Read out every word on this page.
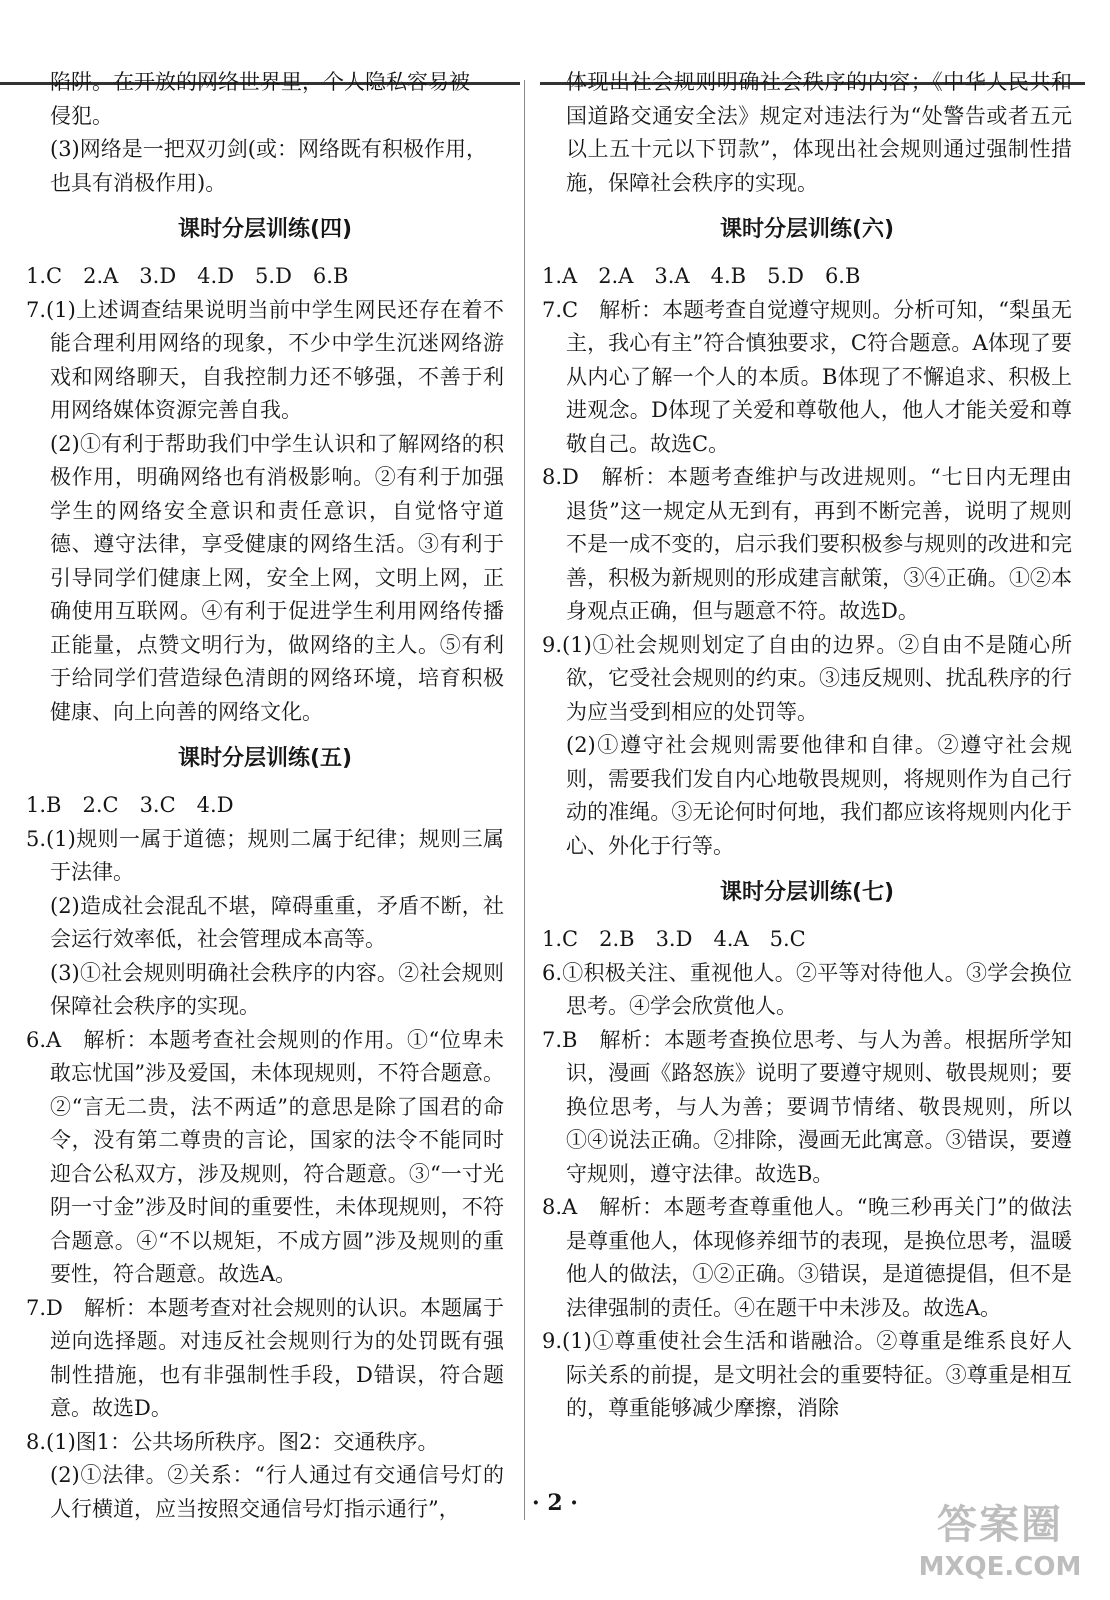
陷阱。在开放的网络世界里，个人隐私容易被
侵犯。
(3)网络是一把双刃剑(或：网络既有积极作用，
也具有消极作用)。
课时分层训练(四)
1.C　2.A　3.D　4.D　5.D　6.B
7.(1)上述调查结果说明当前中学生网民还存在着不能合理利用网络的现象，不少中学生沉迷网络游戏和网络聊天，自我控制力还不够强，不善于利用网络媒体资源完善自我。
(2)①有利于帮助我们中学生认识和了解网络的积极作用，明确网络也有消极影响。②有利于加强学生的网络安全意识和责任意识，自觉恪守道德、遵守法律，享受健康的网络生活。③有利于引导同学们健康上网，安全上网，文明上网，正确使用互联网。④有利于促进学生利用网络传播正能量，点赞文明行为，做网络的主人。⑤有利于给同学们营造绿色清朗的网络环境，培育积极健康、向上向善的网络文化。
课时分层训练(五)
1.B　2.C　3.C　4.D
5.(1)规则一属于道德；规则二属于纪律；规则三属于法律。
(2)造成社会混乱不堪，障碍重重，矛盾不断，社会运行效率低，社会管理成本高等。
(3)①社会规则明确社会秩序的内容。②社会规则保障社会秩序的实现。
6.A　解析：本题考查社会规则的作用。①“位卑未敢忘忧国”涉及爱国，未体现规则，不符合题意。②“言无二贵，法不两适”的意思是除了国君的命令，没有第二尊贵的言论，国家的法令不能同时迎合公私双方，涉及规则，符合题意。③“一寸光阴一寸金”涉及时间的重要性，未体现规则，不符合题意。④“不以规矩，不成方圆”涉及规则的重要性，符合题意。故选A。
7.D　解析：本题考查对社会规则的认识。本题属于逆向选择题。对违反社会规则行为的处罚既有强制性措施，也有非强制性手段，D错误，符合题意。故选D。
8.(1)图1：公共场所秩序。图2：交通秩序。
(2)①法律。②关系：“行人通过有交通信号灯的人行横道，应当按照交通信号灯指示通行”，
体现出社会规则明确社会秩序的内容；《中华人民共和国道路交通安全法》规定对违法行为“处警告或者五元以上五十元以下罚款”，体现出社会规则通过强制性措施，保障社会秩序的实现。
课时分层训练(六)
1.A　2.A　3.A　4.B　5.D　6.B
7.C　解析：本题考查自觉遵守规则。分析可知，“梨虽无主，我心有主”符合慎独要求，C符合题意。A体现了要从内心了解一个人的本质。B体现了不懈追求、积极上进观念。D体现了关爱和尊敬他人，他人才能关爱和尊敬自己。故选C。
8.D　解析：本题考查维护与改进规则。“七日内无理由退货”这一规定从无到有，再到不断完善，说明了规则不是一成不变的，启示我们要积极参与规则的改进和完善，积极为新规则的形成建言献策，③④正确。①②本身观点正确，但与题意不符。故选D。
9.(1)①社会规则划定了自由的边界。②自由不是随心所欲，它受社会规则的约束。③违反规则、扰乱秩序的行为应当受到相应的处罚等。
(2)①遵守社会规则需要他律和自律。②遵守社会规则，需要我们发自内心地敬畏规则，将规则作为自己行动的准绳。③无论何时何地，我们都应该将规则内化于心、外化于行等。
课时分层训练(七)
1.C　2.B　3.D　4.A　5.C
6.①积极关注、重视他人。②平等对待他人。③学会换位思考。④学会欣赏他人。
7.B　解析：本题考查换位思考、与人为善。根据所学知识，漫画《路怒族》说明了要遵守规则、敬畏规则；要换位思考，与人为善；要调节情绪、敬畏规则，所以①④说法正确。②排除，漫画无此寓意。③错误，要遵守规则，遵守法律。故选B。
8.A　解析：本题考查尊重他人。“晚三秒再关门”的做法是尊重他人，体现修养细节的表现，是换位思考，温暖他人的做法，①②正确。③错误，是道德提倡，但不是法律强制的责任。④在题干中未涉及。故选A。
9.(1)①尊重使社会生活和谐融洽。②尊重是维系良好人际关系的前提，是文明社会的重要特征。③尊重是相互的，尊重能够减少摩擦，消除
· 2 ·	答案圈
MXQE.COM
